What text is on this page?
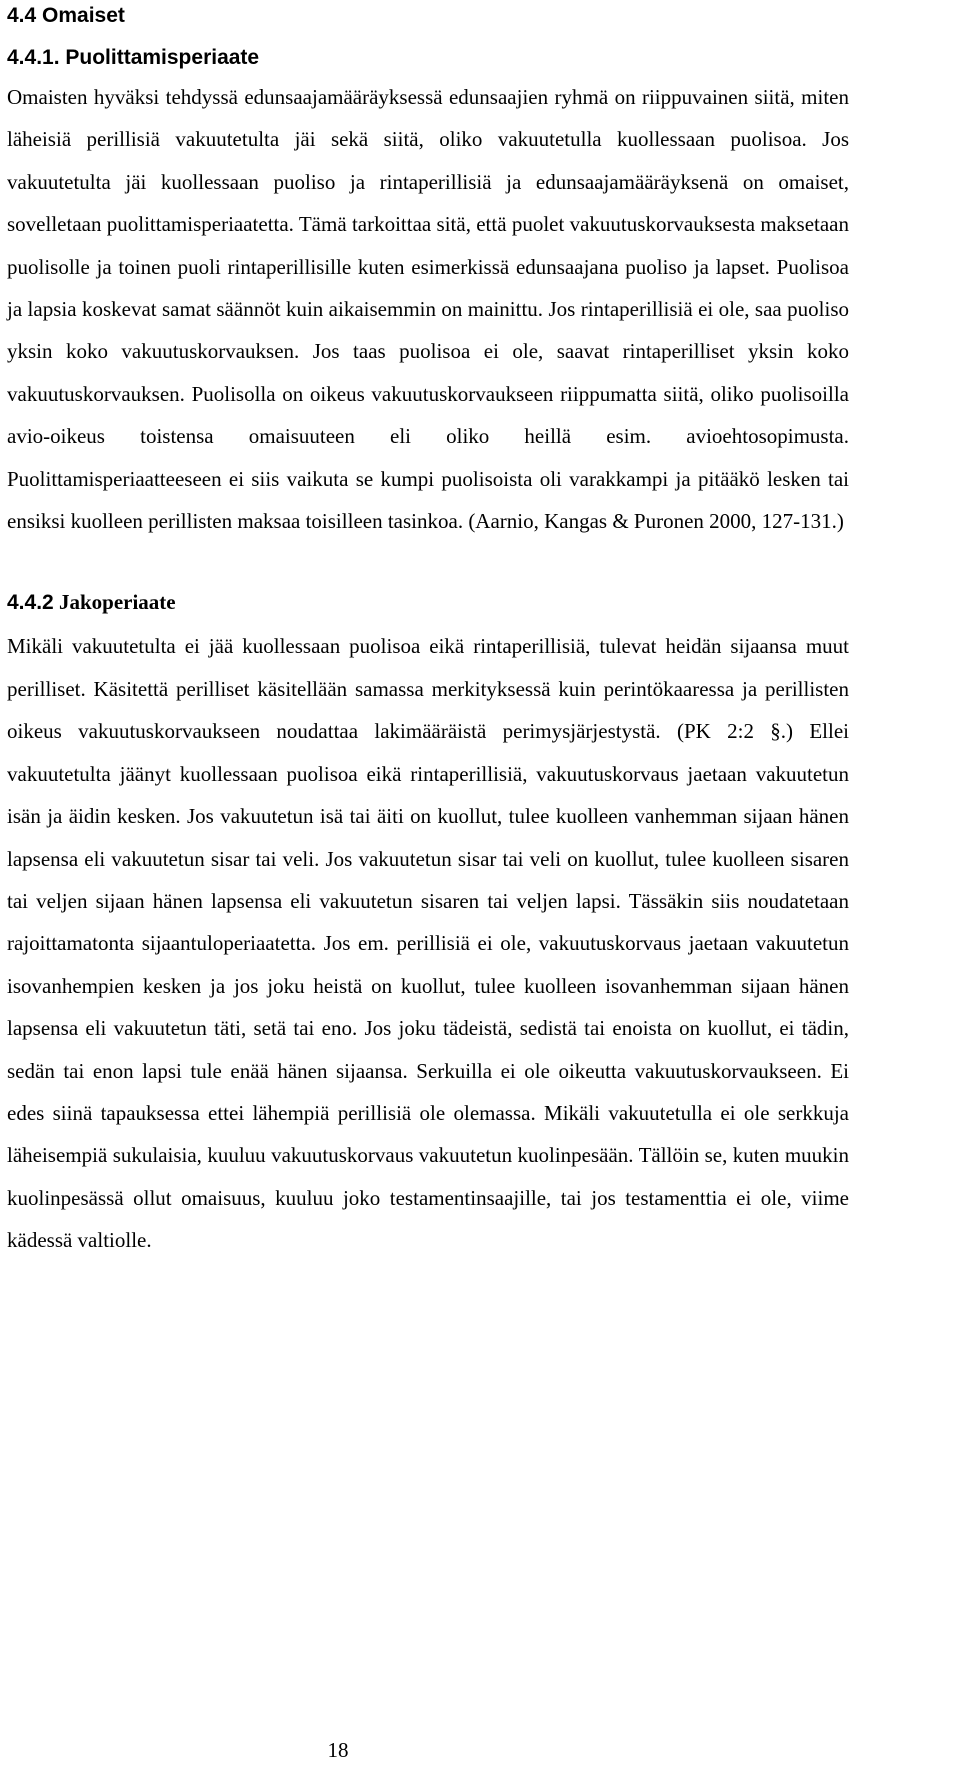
4.4 Omaiset
4.4.1. Puolittamisperiaate

Omaisten hyväksi tehdyssä edunsaajamääräyksessä edunsaajien ryhmä on riippuvainen siitä, miten läheisiä perillisiä vakuutetulta jäi sekä siitä, oliko vakuutetulla kuollessaan puolisoa. Jos vakuutetulta jäi kuollessaan puoliso ja rintaperillisiä ja edunsaajamääräyksenä on omaiset, sovelletaan puolittamisperiaatetta. Tämä tarkoittaa sitä, että puolet vakuutuskorvauksesta maksetaan puolisolle ja toinen puoli rintaperillisille kuten esimerkissä edunsaajana puoliso ja lapset. Puolisoa ja lapsia koskevat samat säännöt kuin aikaisemmin on mainittu. Jos rintaperillisiä ei ole, saa puoliso yksin koko vakuutuskorvauksen. Jos taas puolisoa ei ole, saavat rintaperilliset yksin koko vakuutuskorvauksen. Puolisolla on oikeus vakuutuskorvaukseen riippumatta siitä, oliko puolisoilla avio-oikeus toistensa omaisuuteen eli oliko heillä esim. avioehtosopimusta. Puolittamisperiaatteeseen ei siis vaikuta se kumpi puolisoista oli varakkampi ja pitääkö lesken tai ensiksi kuolleen perillisten maksaa toisilleen tasinkoa. (Aarnio, Kangas & Puronen 2000, 127-131.)

4.4.2 Jakoperiaate

Mikäli vakuutetulta ei jää kuollessaan puolisoa eikä rintaperillisiä, tulevat heidän sijaansa muut perilliset. Käsitettä perilliset käsitellään samassa merkityksessä kuin perintökaaressa ja perillisten oikeus vakuutuskorvaukseen noudattaa lakimääräistä perimysjärjestystä. (PK 2:2 §.) Ellei vakuutetulta jäänyt kuollessaan puolisoa eikä rintaperillisiä, vakuutuskorvaus jaetaan vakuutetun isän ja äidin kesken. Jos vakuutetun isä tai äiti on kuollut, tulee kuolleen vanhemman sijaan hänen lapsensa eli vakuutetun sisar tai veli. Jos vakuutetun sisar tai veli on kuollut, tulee kuolleen sisaren tai veljen sijaan hänen lapsensa eli vakuutetun sisaren tai veljen lapsi. Tässäkin siis noudatetaan rajoittamatonta sijaantuloperiaatetta. Jos em. perillisiä ei ole, vakuutuskorvaus jaetaan vakuutetun isovanhempien kesken ja jos joku heistä on kuollut, tulee kuolleen isovanhemman sijaan hänen lapsensa eli vakuutetun täti, setä tai eno. Jos joku tädeistä, sedistä tai enoista on kuollut, ei tädin, sedän tai enon lapsi tule enää hänen sijaansa. Serkuilla ei ole oikeutta vakuutuskorvaukseen. Ei edes siinä tapauksessa ettei lähempiä perillisiä ole olemassa. Mikäli vakuutetulla ei ole serkkuja läheisempiä sukulaisia, kuuluu vakuutuskorvaus vakuutetun kuolinpesään. Tällöin se, kuten muukin kuolinpesässä ollut omaisuus, kuuluu joko testamentinsaajille, tai jos testamenttia ei ole, viime kädessä valtiolle.

18
